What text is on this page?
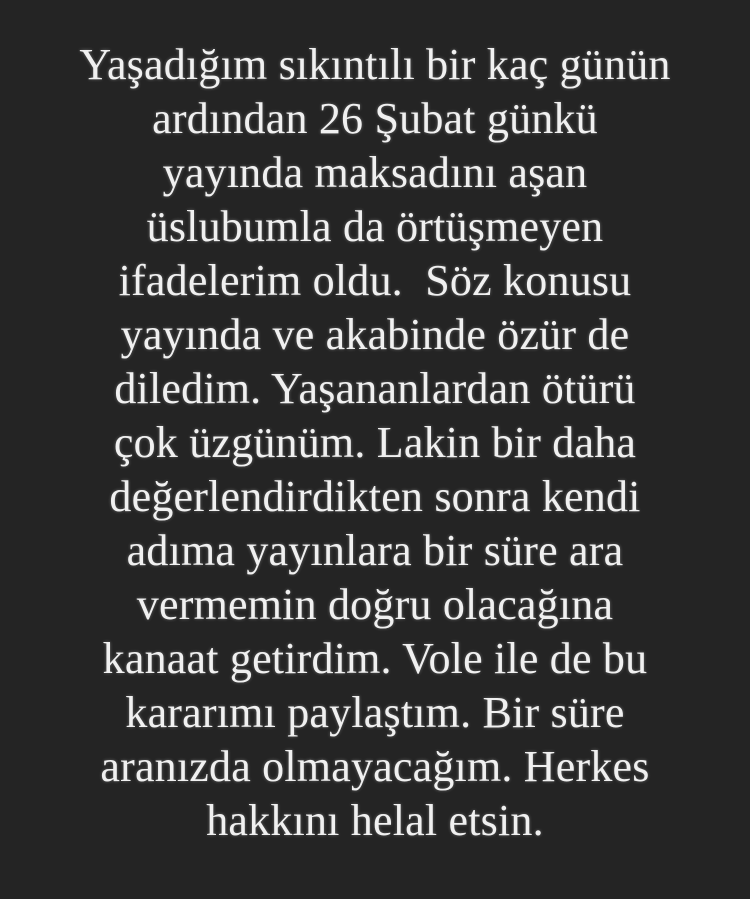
Yaşadığım sıkıntılı bir kaç günün
ardından 26 Şubat günkü
yayında maksadını aşan
üslubumla da örtüşmeyen
ifadelerim oldu.  Söz konusu
yayında ve akabinde özür de
diledim. Yaşananlardan ötürü
çok üzgünüm. Lakin bir daha
değerlendirdikten sonra kendi
adıma yayınlara bir süre ara
vermemin doğru olacağına
kanaat getirdim. Vole ile de bu
kararımı paylaştım. Bir süre
aranızda olmayacağım. Herkes
hakkını helal etsin.
